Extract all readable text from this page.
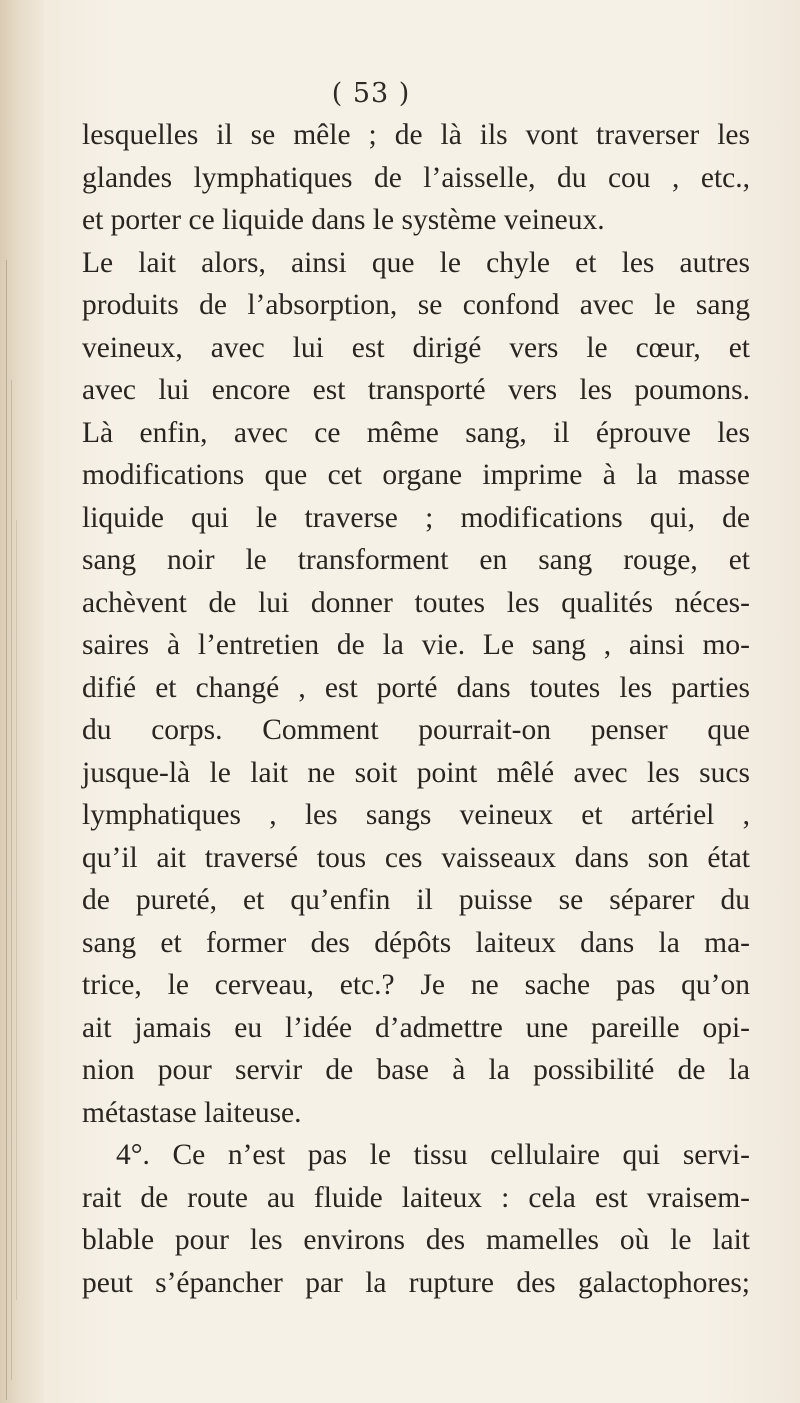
( 53 )
lesquelles il se mêle ; de là ils vont traverser les
glandes lymphatiques de l’aisselle, du cou , etc.,
et porter ce liquide dans le système veineux.
Le lait alors, ainsi que le chyle et les autres
produits de l’absorption, se confond avec le sang
veineux, avec lui est dirigé vers le cœur, et
avec lui encore est transporté vers les poumons.
Là enfin, avec ce même sang, il éprouve les
modifications que cet organe imprime à la masse
liquide qui le traverse ; modifications qui, de
sang noir le transforment en sang rouge, et
achèvent de lui donner toutes les qualités néces-
saires à l’entretien de la vie. Le sang , ainsi mo-
difié et changé , est porté dans toutes les parties
du corps. Comment pourrait-on penser que
jusque-là le lait ne soit point mêlé avec les sucs
lymphatiques , les sangs veineux et artériel ,
qu’il ait traversé tous ces vaisseaux dans son état
de pureté, et qu’enfin il puisse se séparer du
sang et former des dépôts laiteux dans la ma-
trice, le cerveau, etc.? Je ne sache pas qu’on
ait jamais eu l’idée d’admettre une pareille opi-
nion pour servir de base à la possibilité de la
métastase laiteuse.
4°. Ce n’est pas le tissu cellulaire qui servi-
rait de route au fluide laiteux : cela est vraisem-
blable pour les environs des mamelles où le lait
peut s’épancher par la rupture des galactophores;
